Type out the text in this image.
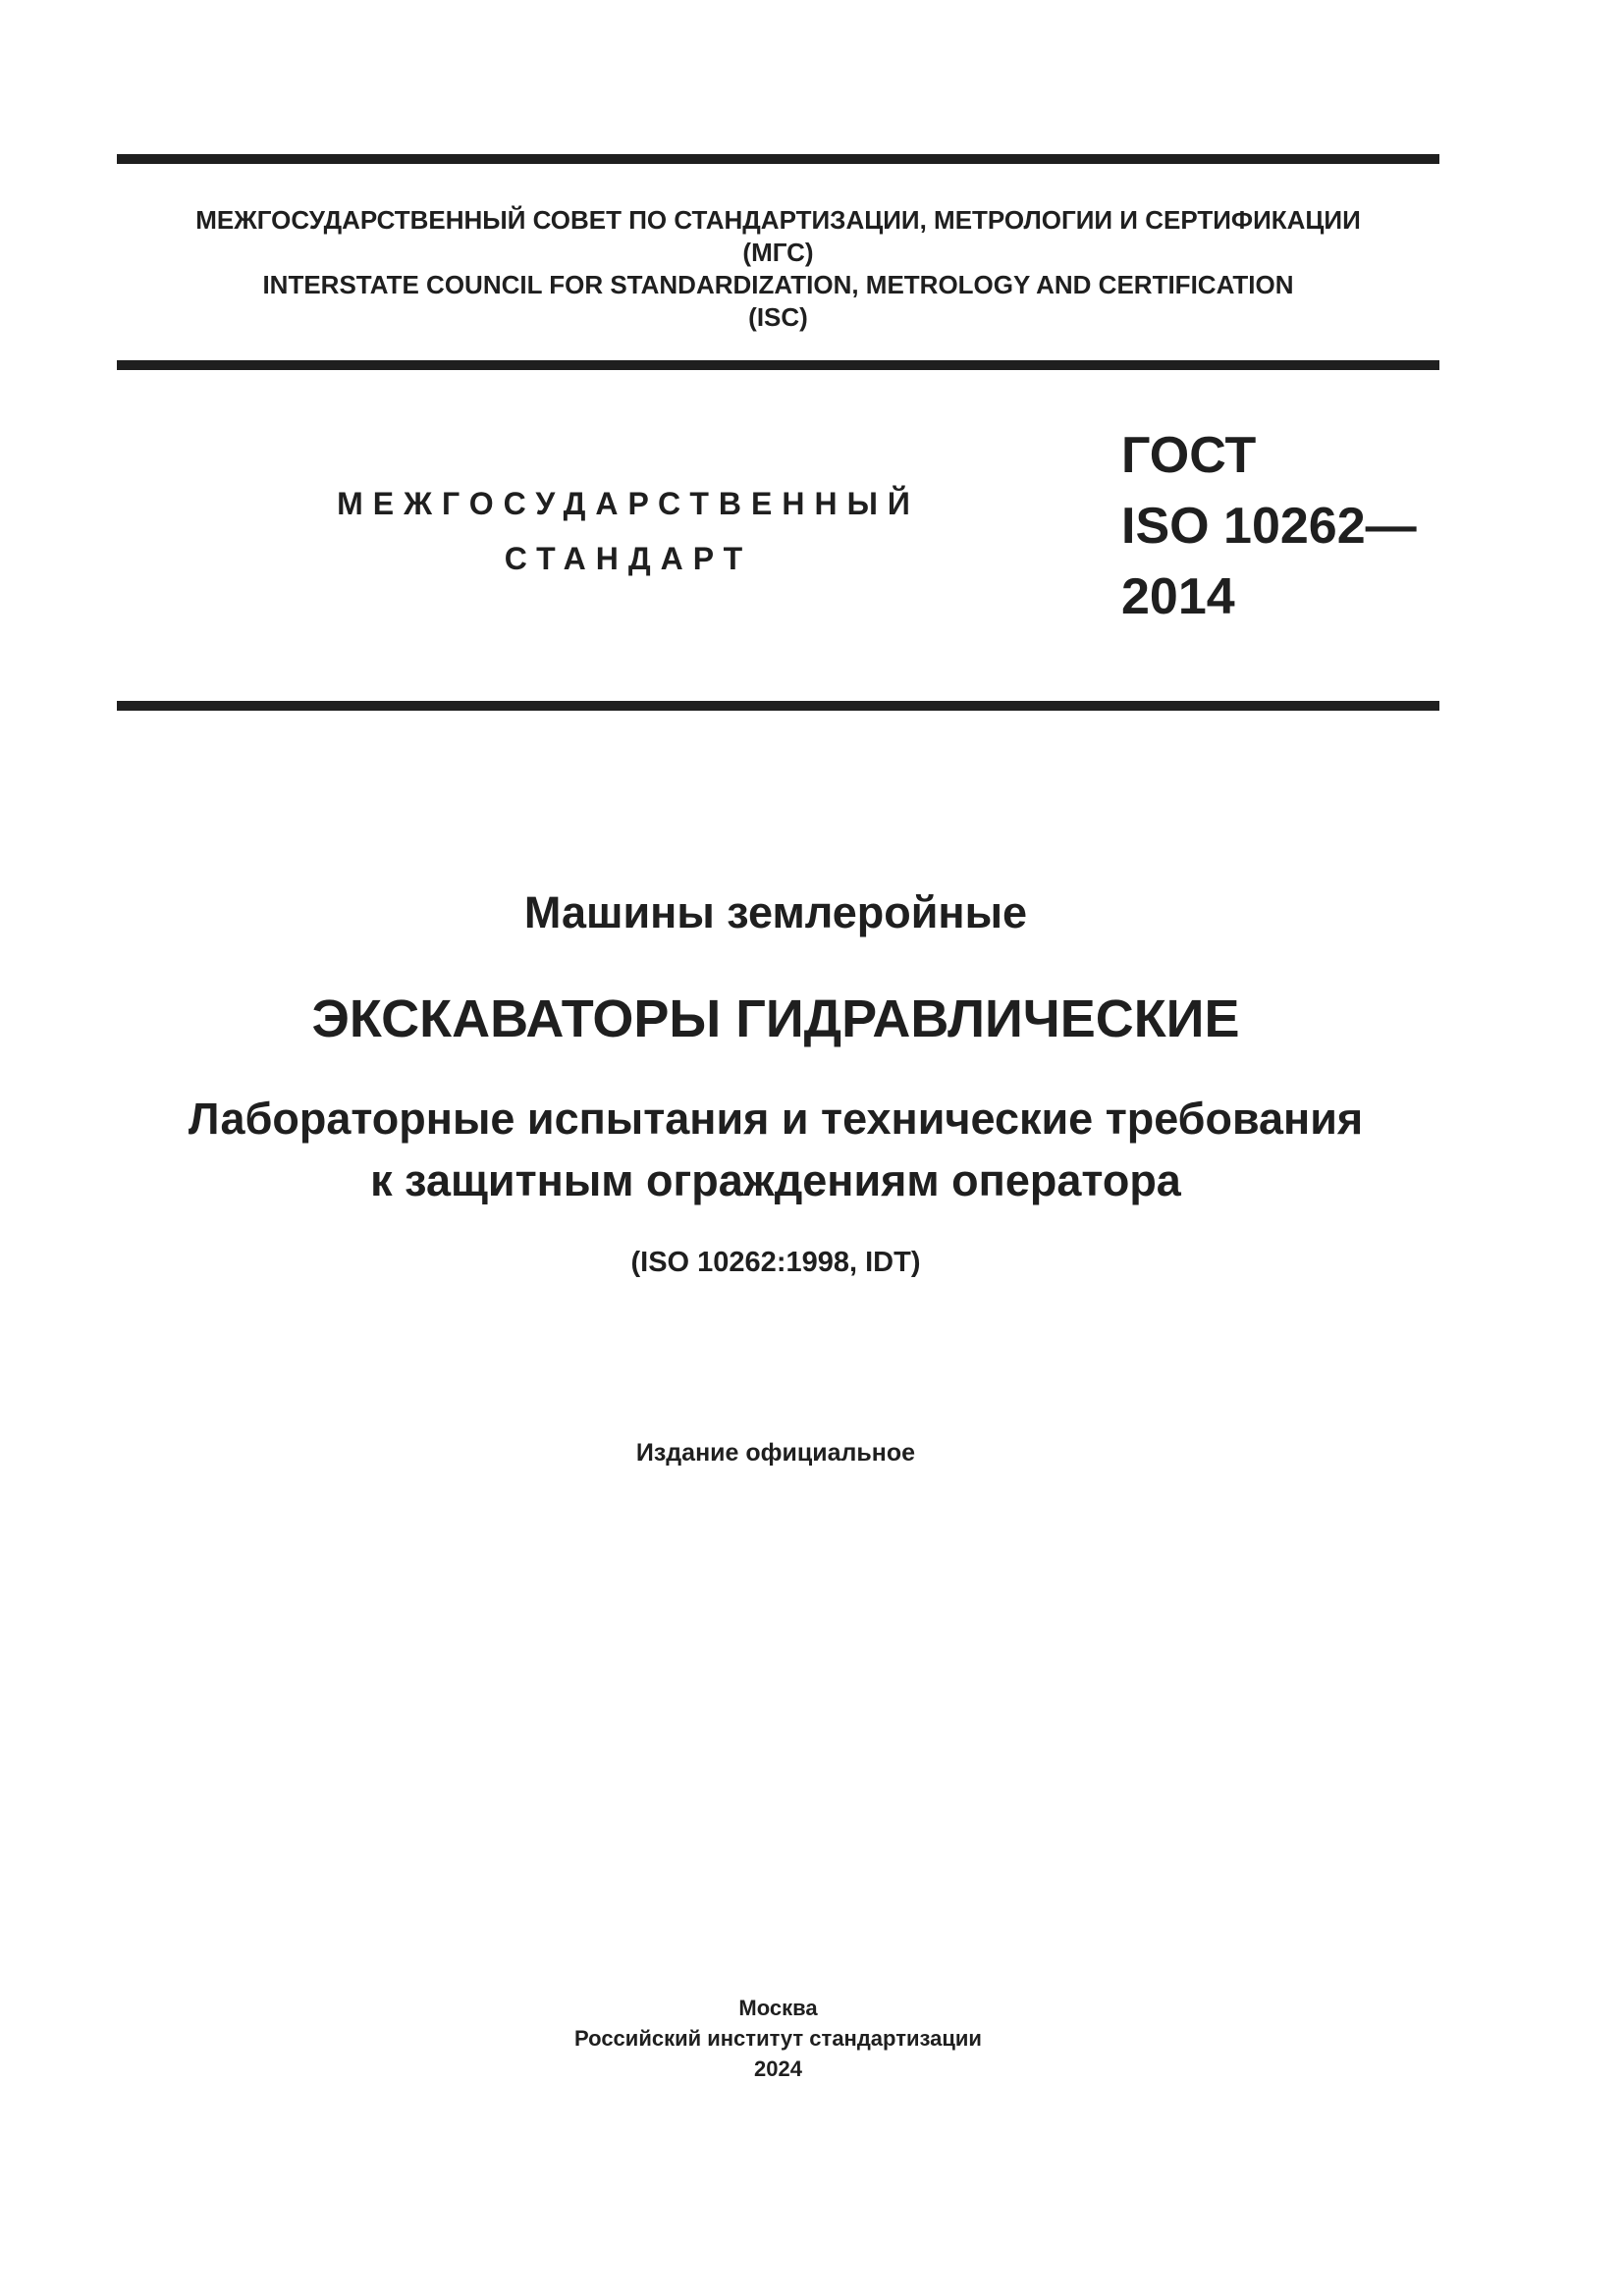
МЕЖГОСУДАРСТВЕННЫЙ СОВЕТ ПО СТАНДАРТИЗАЦИИ, МЕТРОЛОГИИ И СЕРТИФИКАЦИИ
(МГС)
INTERSTATE COUNCIL FOR STANDARDIZATION, METROLOGY AND CERTIFICATION
(ISC)
МЕЖГОСУДАРСТВЕННЫЙ
СТАНДАРТ
ГОСТ
ISO 10262—
2014
Машины землеройные
ЭКСКАВАТОРЫ ГИДРАВЛИЧЕСКИЕ
Лабораторные испытания и технические требования
к защитным ограждениям оператора
(ISO 10262:1998, IDT)
Издание официальное
Москва
Российский институт стандартизации
2024
